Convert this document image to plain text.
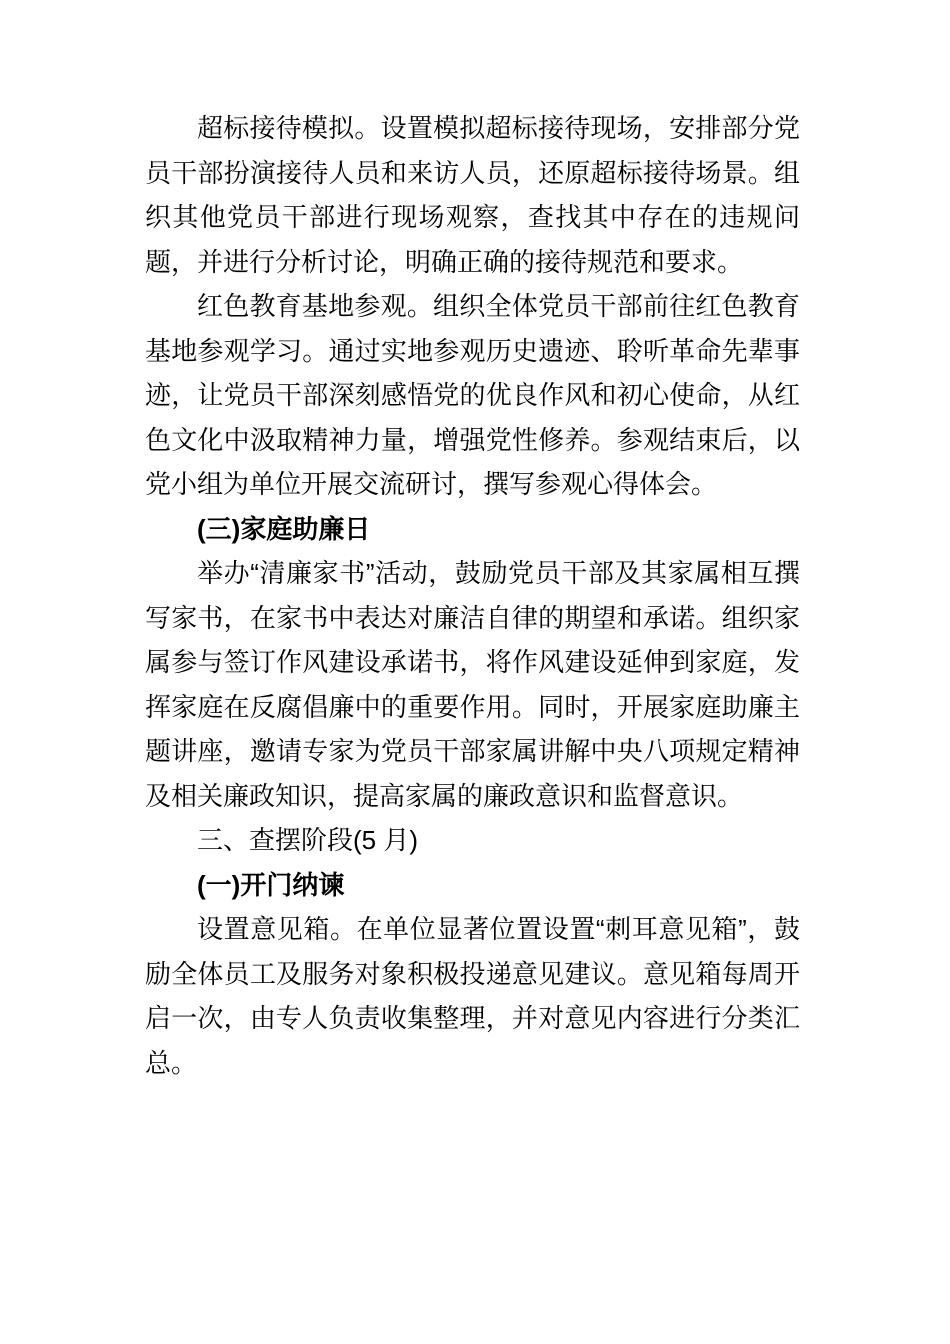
超标接待模拟。设置模拟超标接待现场，安排部分党员干部扮演接待人员和来访人员，还原超标接待场景。组织其他党员干部进行现场观察，查找其中存在的违规问题，并进行分析讨论，明确正确的接待规范和要求。

红色教育基地参观。组织全体党员干部前往红色教育基地参观学习。通过实地参观历史遗迹、聆听革命先辈事迹，让党员干部深刻感悟党的优良作风和初心使命，从红色文化中汲取精神力量，增强党性修养。参观结束后，以党小组为单位开展交流研讨，撰写参观心得体会。

(三)家庭助廉日

举办“清廉家书”活动，鼓励党员干部及其家属相互撰写家书，在家书中表达对廉洁自律的期望和承诺。组织家属参与签订作风建设承诺书，将作风建设延伸到家庭，发挥家庭在反腐倡廉中的重要作用。同时，开展家庭助廉主题讲座，邀请专家为党员干部家属讲解中央八项规定精神及相关廉政知识，提高家属的廉政意识和监督意识。

三、查摆阶段(5 月)

(一)开门纳谏

设置意见箱。在单位显著位置设置“刺耳意见箱”，鼓励全体员工及服务对象积极投递意见建议。意见箱每周开启一次，由专人负责收集整理，并对意见内容进行分类汇总。
